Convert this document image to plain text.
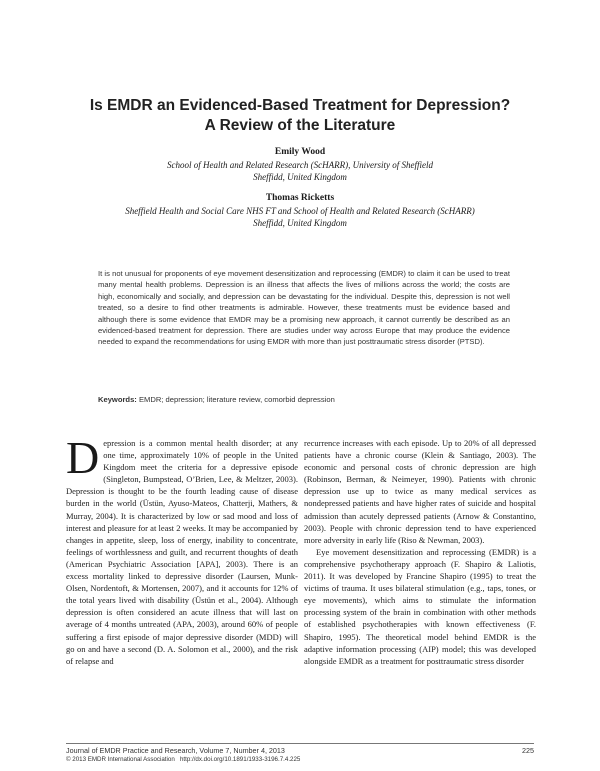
Is EMDR an Evidenced-Based Treatment for Depression?
A Review of the Literature
Emily Wood
School of Health and Related Research (ScHARR), University of Sheffield
Sheffidd, United Kingdom
Thomas Ricketts
Sheffield Health and Social Care NHS FT and School of Health and Related Research (ScHARR)
Sheffidd, United Kingdom
It is not unusual for proponents of eye movement desensitization and reprocessing (EMDR) to claim it can be used to treat many mental health problems. Depression is an illness that affects the lives of millions across the world; the costs are high, economically and socially, and depression can be devastating for the individual. Despite this, depression is not well treated, so a desire to find other treatments is admirable. However, these treatments must be evidence based and although there is some evidence that EMDR may be a promising new approach, it cannot currently be described as an evidenced-based treatment for depression. There are studies under way across Europe that may produce the evidence needed to expand the recommendations for using EMDR with more than just posttraumatic stress disorder (PTSD).
Keywords: EMDR; depression; literature review, comorbid depression

Depression is a common mental health disorder; at any one time, approximately 10% of people in the United Kingdom meet the criteria for a depressive episode (Singleton, Bumpstead, O’Brien, Lee, & Meltzer, 2003). Depression is thought to be the fourth leading cause of disease burden in the world (Üstün, Ayuso-Mateos, Chatterji, Mathers, & Murray, 2004). It is characterized by low or sad mood and loss of interest and pleasure for at least 2 weeks. It may be accompanied by changes in appetite, sleep, loss of energy, inability to concentrate, feelings of worthlessness and guilt, and recurrent thoughts of death (American Psychiatric Association [APA], 2003). There is an excess mortality linked to depressive disorder (Laursen, Munk-Olsen, Nordentoft, & Mortensen, 2007), and it accounts for 12% of the total years lived with disability (Üstün et al., 2004). Although depression is often considered an acute illness that will last on average of 4 months untreated (APA, 2003), around 60% of people suffering a first episode of major depressive disorder (MDD) will go on and have a second (D. A. Solomon et al., 2000), and the risk of relapse and

recurrence increases with each episode. Up to 20% of all depressed patients have a chronic course (Klein & Santiago, 2003). The economic and personal costs of chronic depression are high (Robinson, Berman, & Neimeyer, 1990). Patients with chronic depression use up to twice as many medical services as nondepressed patients and have higher rates of suicide and hospital admission than acutely depressed patients (Arnow & Constantino, 2003). People with chronic depression tend to have experienced more adversity in early life (Riso & Newman, 2003).

Eye movement desensitization and reprocessing (EMDR) is a comprehensive psychotherapy approach (F. Shapiro & Laliotis, 2011). It was developed by Francine Shapiro (1995) to treat the victims of trauma. It uses bilateral stimulation (e.g., taps, tones, or eye movements), which aims to stimulate the information processing system of the brain in combination with other methods of established psychotherapies with known effectiveness (F. Shapiro, 1995). The theoretical model behind EMDR is the adaptive information processing (AIP) model; this was developed alongside EMDR as a treatment for posttraumatic stress disorder

Journal of EMDR Practice and Research, Volume 7, Number 4, 2013	225
© 2013 EMDR International Association http://dx.doi.org/10.1891/1933-3196.7.4.225
